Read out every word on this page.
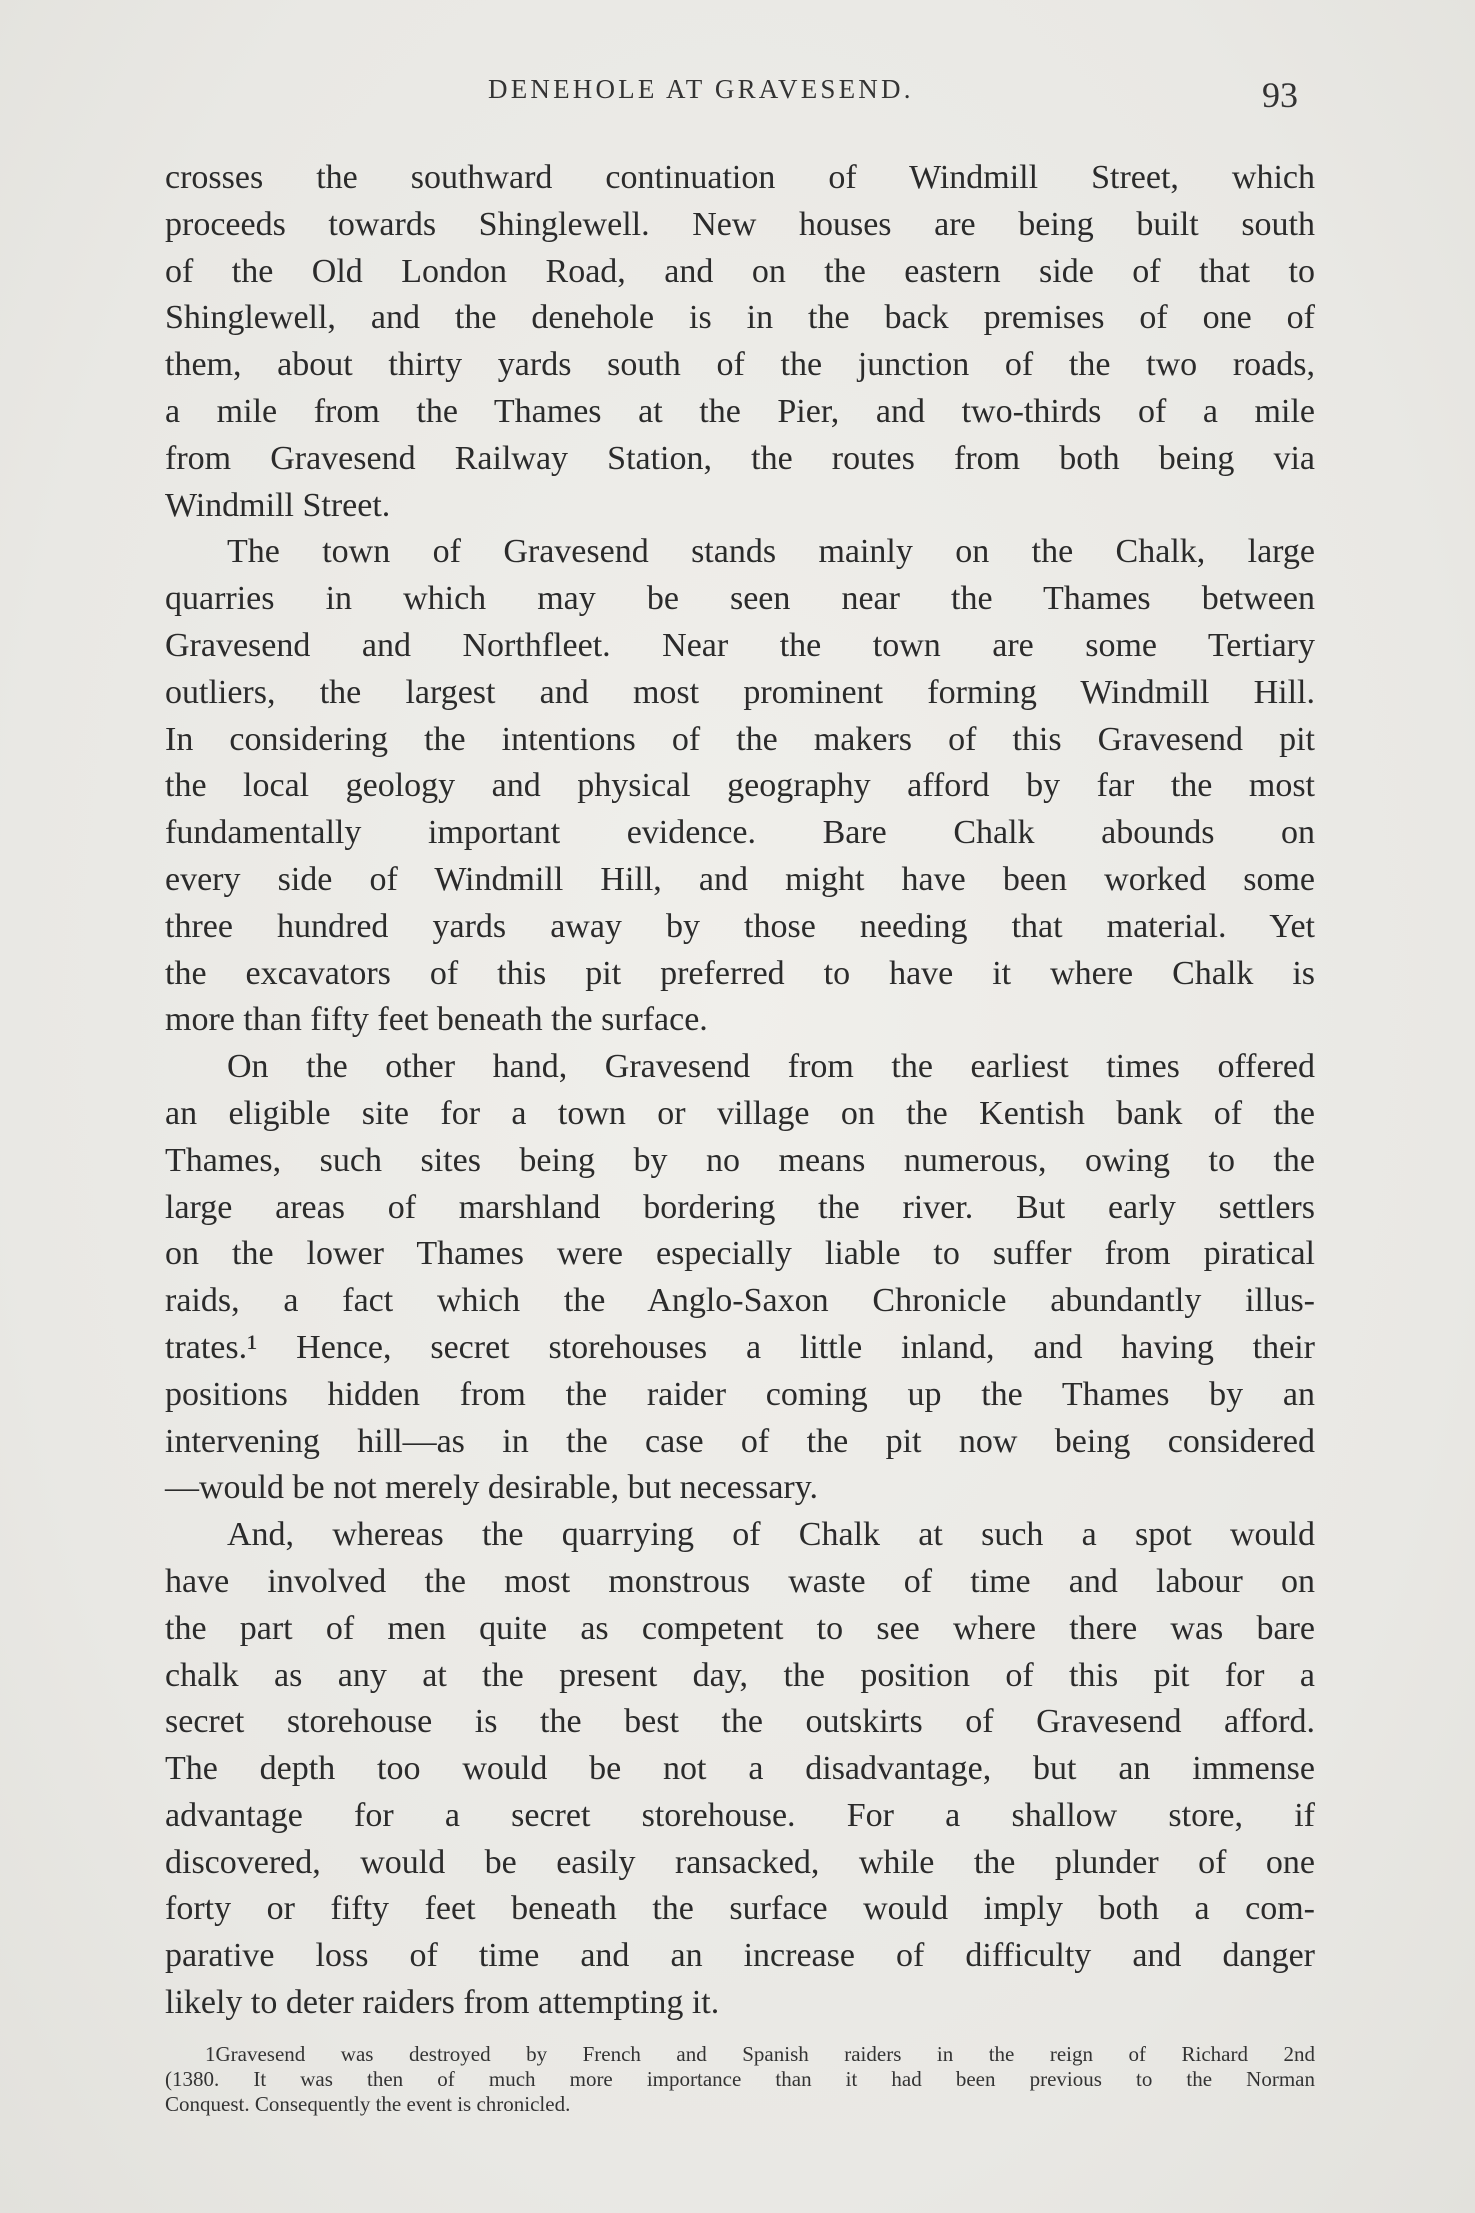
DENEHOLE AT GRAVESEND.	93
crosses the southward continuation of Windmill Street, which
proceeds towards Shinglewell. New houses are being built south
of the Old London Road, and on the eastern side of that to
Shinglewell, and the denehole is in the back premises of one of
them, about thirty yards south of the junction of the two roads,
a mile from the Thames at the Pier, and two-thirds of a mile
from Gravesend Railway Station, the routes from both being via
Windmill Street.
The town of Gravesend stands mainly on the Chalk, large
quarries in which may be seen near the Thames between
Gravesend and Northfleet. Near the town are some Tertiary
outliers, the largest and most prominent forming Windmill Hill.
In considering the intentions of the makers of this Gravesend pit
the local geology and physical geography afford by far the most
fundamentally important evidence. Bare Chalk abounds on
every side of Windmill Hill, and might have been worked some
three hundred yards away by those needing that material. Yet
the excavators of this pit preferred to have it where Chalk is
more than fifty feet beneath the surface.
On the other hand, Gravesend from the earliest times offered
an eligible site for a town or village on the Kentish bank of the
Thames, such sites being by no means numerous, owing to the
large areas of marshland bordering the river. But early settlers
on the lower Thames were especially liable to suffer from piratical
raids, a fact which the Anglo-Saxon Chronicle abundantly illus-
trates.¹ Hence, secret storehouses a little inland, and having their
positions hidden from the raider coming up the Thames by an
intervening hill—as in the case of the pit now being considered
—would be not merely desirable, but necessary.
And, whereas the quarrying of Chalk at such a spot would
have involved the most monstrous waste of time and labour on
the part of men quite as competent to see where there was bare
chalk as any at the present day, the position of this pit for a
secret storehouse is the best the outskirts of Gravesend afford.
The depth too would be not a disadvantage, but an immense
advantage for a secret storehouse. For a shallow store, if
discovered, would be easily ransacked, while the plunder of one
forty or fifty feet beneath the surface would imply both a com-
parative loss of time and an increase of difficulty and danger
likely to deter raiders from attempting it.
1Gravesend was destroyed by French and Spanish raiders in the reign of Richard 2nd
(1380. It was then of much more importance than it had been previous to the Norman
Conquest. Consequently the event is chronicled.
